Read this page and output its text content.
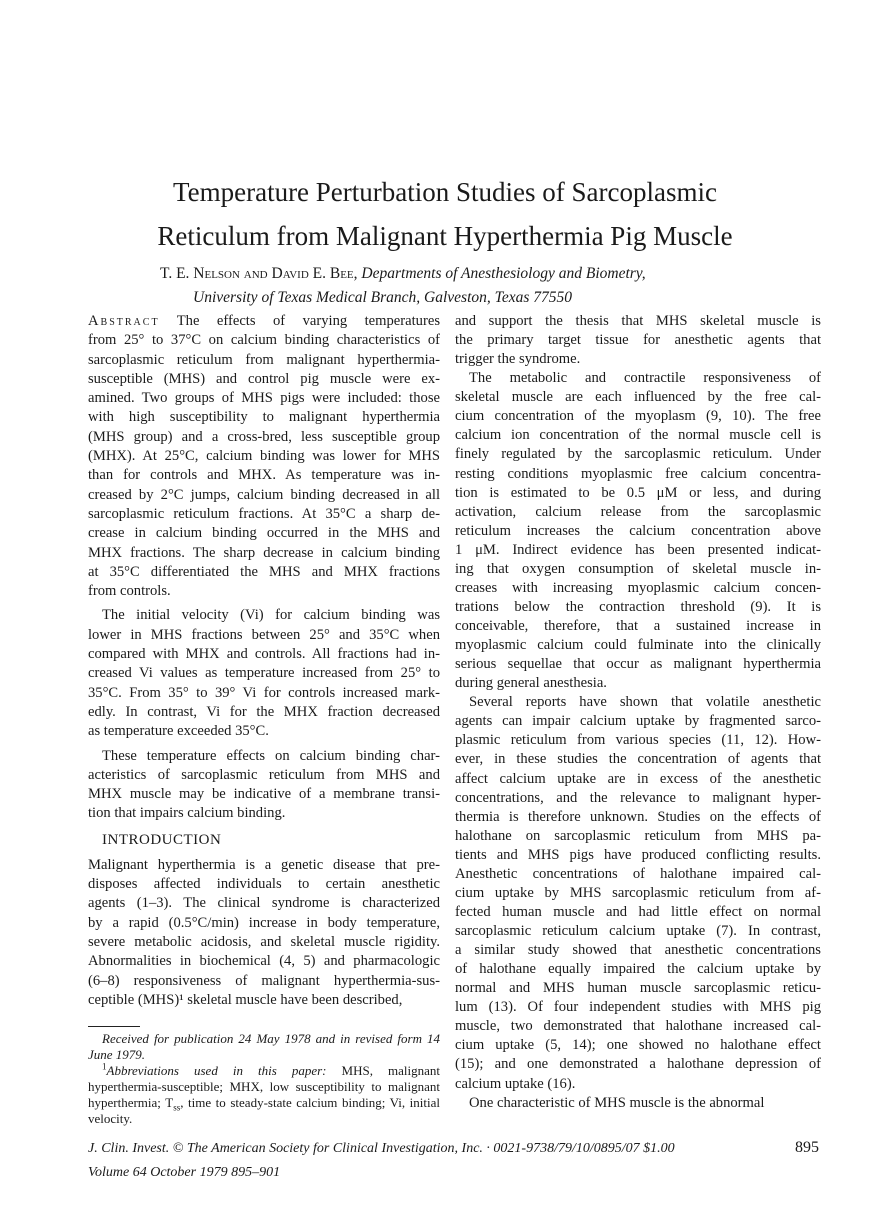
Temperature Perturbation Studies of Sarcoplasmic
Reticulum from Malignant Hyperthermia Pig Muscle
T. E. Nelson and David E. Bee, Departments of Anesthesiology and Biometry,
University of Texas Medical Branch, Galveston, Texas 77550
Abstract The effects of varying temperatures
from 25° to 37°C on calcium binding characteristics of
sarcoplasmic reticulum from malignant hyperthermia-
susceptible (MHS) and control pig muscle were ex-
amined. Two groups of MHS pigs were included: those
with high susceptibility to malignant hyperthermia
(MHS group) and a cross-bred, less susceptible group
(MHX). At 25°C, calcium binding was lower for MHS
than for controls and MHX. As temperature was in-
creased by 2°C jumps, calcium binding decreased in all
sarcoplasmic reticulum fractions. At 35°C a sharp de-
crease in calcium binding occurred in the MHS and
MHX fractions. The sharp decrease in calcium binding
at 35°C differentiated the MHS and MHX fractions
from controls.
The initial velocity (Vi) for calcium binding was
lower in MHS fractions between 25° and 35°C when
compared with MHX and controls. All fractions had in-
creased Vi values as temperature increased from 25° to
35°C. From 35° to 39° Vi for controls increased mark-
edly. In contrast, Vi for the MHX fraction decreased
as temperature exceeded 35°C.
These temperature effects on calcium binding char-
acteristics of sarcoplasmic reticulum from MHS and
MHX muscle may be indicative of a membrane transi-
tion that impairs calcium binding.
INTRODUCTION
Malignant hyperthermia is a genetic disease that pre-
disposes affected individuals to certain anesthetic
agents (1–3). The clinical syndrome is characterized
by a rapid (0.5°C/min) increase in body temperature,
severe metabolic acidosis, and skeletal muscle rigidity.
Abnormalities in biochemical (4, 5) and pharmacologic
(6–8) responsiveness of malignant hyperthermia-sus-
ceptible (MHS)¹ skeletal muscle have been described,
Received for publication 24 May 1978 and in revised form 14 June 1979.
$^1$Abbreviations used in this paper: MHS, malignant hyperthermia-susceptible; MHX, low susceptibility to malignant hyperthermia; $T_{ss}$, time to steady-state calcium binding; Vi, initial velocity.
and support the thesis that MHS skeletal muscle is
the primary target tissue for anesthetic agents that
trigger the syndrome.
The metabolic and contractile responsiveness of
skeletal muscle are each influenced by the free cal-
cium concentration of the myoplasm (9, 10). The free
calcium ion concentration of the normal muscle cell is
finely regulated by the sarcoplasmic reticulum. Under
resting conditions myoplasmic free calcium concentra-
tion is estimated to be 0.5 μM or less, and during
activation, calcium release from the sarcoplasmic
reticulum increases the calcium concentration above
1 μM. Indirect evidence has been presented indicat-
ing that oxygen consumption of skeletal muscle in-
creases with increasing myoplasmic calcium concen-
trations below the contraction threshold (9). It is
conceivable, therefore, that a sustained increase in
myoplasmic calcium could fulminate into the clinically
serious sequellae that occur as malignant hyperthermia
during general anesthesia.
Several reports have shown that volatile anesthetic
agents can impair calcium uptake by fragmented sarco-
plasmic reticulum from various species (11, 12). How-
ever, in these studies the concentration of agents that
affect calcium uptake are in excess of the anesthetic
concentrations, and the relevance to malignant hyper-
thermia is therefore unknown. Studies on the effects of
halothane on sarcoplasmic reticulum from MHS pa-
tients and MHS pigs have produced conflicting results.
Anesthetic concentrations of halothane impaired cal-
cium uptake by MHS sarcoplasmic reticulum from af-
fected human muscle and had little effect on normal
sarcoplasmic reticulum calcium uptake (7). In contrast,
a similar study showed that anesthetic concentrations
of halothane equally impaired the calcium uptake by
normal and MHS human muscle sarcoplasmic reticu-
lum (13). Of four independent studies with MHS pig
muscle, two demonstrated that halothane increased cal-
cium uptake (5, 14); one showed no halothane effect
(15); and one demonstrated a halothane depression of
calcium uptake (16).
One characteristic of MHS muscle is the abnormal
J. Clin. Invest. © The American Society for Clinical Investigation, Inc. · 0021-9738/79/10/0895/07 $1.00
Volume 64 October 1979 895–901
895
